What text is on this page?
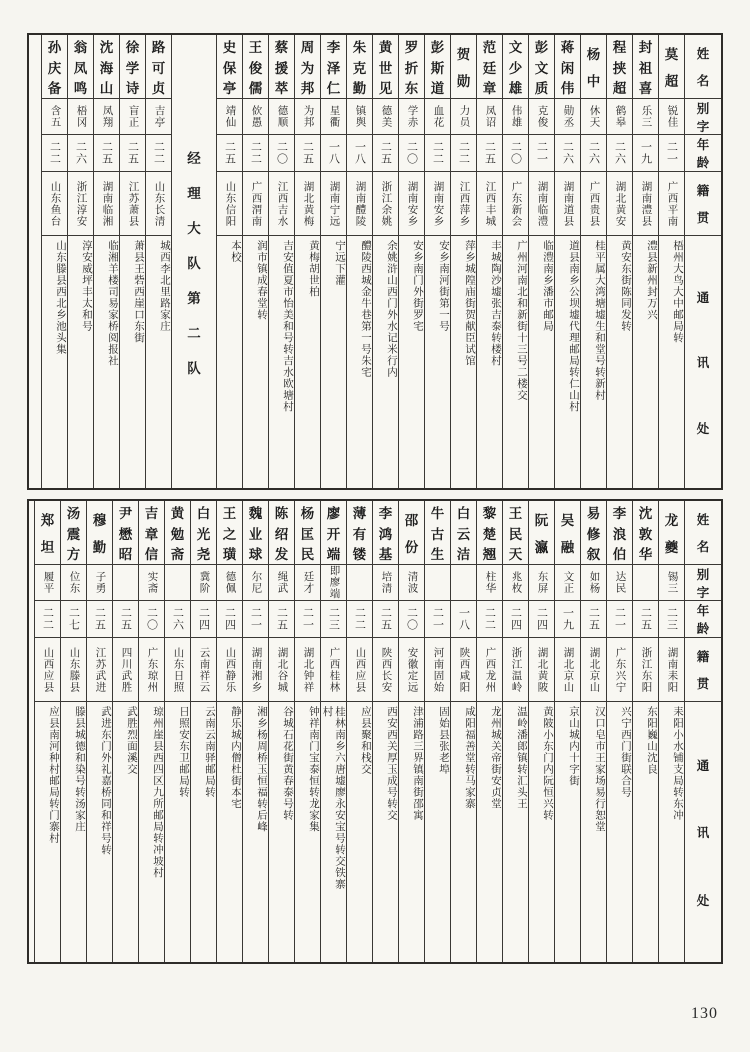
姓
名
别
字
年
龄
籍
贯
通
讯
处
莫
超
锐佳
二一
广西平南
梧州大鸟大中邮局转
封
祖
喜
乐三
一九
湖南澧县
澧县新州封万兴
程
挟
超
鹤皋
二六
湖北黄安
黄安东街陈同发转
杨
中
休天
二六
广西贵县
桂平属大湾塘墟生和堂号转新村
蒋
闲
伟
勋丞
二六
湖南道县
道县南乡公坝墟代理邮局转仁山村
彭
文
质
克俊
二一
湖南临澧
临澧南乡潘市邮局
文
少
雄
伟雄
二〇
广东新会
广州河南北和新街十三号二楼交
范
廷
章
凤诏
二五
江西丰城
丰城陶沙墟张吉泰转楼村
贺
勋
力员
二二
江西萍乡
萍乡城隍庙街贺献臣试馆
彭
斯
道
血花
二二
湖南安乡
安乡南河街第一号
罗
折
东
学赤
二〇
湖南安乡
安乡南门外街罗宅
黄
世
见
德美
二五
浙江余姚
余姚浒山西门外水记米行内
朱
克
勤
镇舆
一八
湖南醴陵
醴陵西城金牛巷第一号朱宅
李
泽
仁
星衢
一八
湖南宁远
宁远下灌
周
为
邦
为邦
二五
湖北黄梅
黄梅胡世柏
蔡
援
萃
德顺
二〇
江西吉水
吉安值夏市怡美和号转吉水欧塘村
王
俊
儒
佽愚
二二
广西渭南
润市镇成春堂转
史
保
亭
靖仙
二五
山东信阳
本校
经
理
大
队
第
二
队
路
可
贞
吉亭
二二
山东长清
城西李北里路家庄
徐
学
诗
盲正
二五
江苏萧县
萧县王砦西崖口东街
沈
海
山
凤翔
二五
湖南临湘
临湘羊楼司易家桥阅报社
翁
凤
鸣
梧冈
二六
浙江淳安
淳安威坪丰太和号
孙
庆
备
含五
二二
山东鱼台
山东滕县西北乡池头集
姓
名
别
字
年
龄
籍
贯
通
讯
处
龙
夔
锡三
二三
湖南耒阳
耒阳小水铺支局转东冲
沈
敦
华
二五
浙江东阳
东阳巍山沈良
李
浪
伯
达民
二一
广东兴宁
兴宁西门街联合号
易
修
叙
如杨
二五
湖北京山
汉口皂市王家场易行恕堂
吴
融
文正
一九
湖北京山
京山城内十字街
阮
瀛
东屏
二四
湖北黄陂
黄陂小东门内阮恒兴转
王
民
天
兆枚
二四
浙江温岭
温岭潘郎镇转汇头王
黎
楚
翘
柱华
二二
广西龙州
龙州城关帝街安贞堂
白
云
洁
一八
陕西咸阳
咸阳福善堂转马家寨
牛
古
生
二一
河南固始
固始县张老埠
邵
份
清波
二〇
安徽定远
津浦路三界镇南街邵寓
李
鸿
基
培清
二五
陕西长安
西安西关厚玉成号转交
薄
有
镂
二二
山西应县
应县聚和栈交
廖
开
端
即廖端
二三
广西桂林
桂林南乡六唐墟廖永安宝号转交铁寨村
杨
匡
民
廷才
二一
湖北钟祥
钟祥南门宝泰恒转龙家集
陈
绍
发
绳武
二五
湖北谷城
谷城石花街黄春泰号转
魏
业
球
尔尼
二一
湖南湘乡
湘乡杨周桥玉恒福转后峰
王
之
璜
德佩
二四
山西静乐
静乐城内僧杜街本宅
白
光
尧
冀阶
二四
云南祥云
云南云南驿邮局转
黄
勉
斋
二六
山东日照
日照安东卫邮局转
吉
章
信
实斋
二〇
广东琼州
琼州崖县西四区九所邮局转冲坡村
尹
懋
昭
二五
四川武胜
武胜烈面溪交
穆
勤
子勇
二五
江苏武进
武进东门外礼嘉桥同和祥号转
汤
震
方
位东
二七
山东滕县
滕县城德和染号转汤家庄
郑
坦
履平
二二
山西应县
应县南河种村邮局转门寨村
130
